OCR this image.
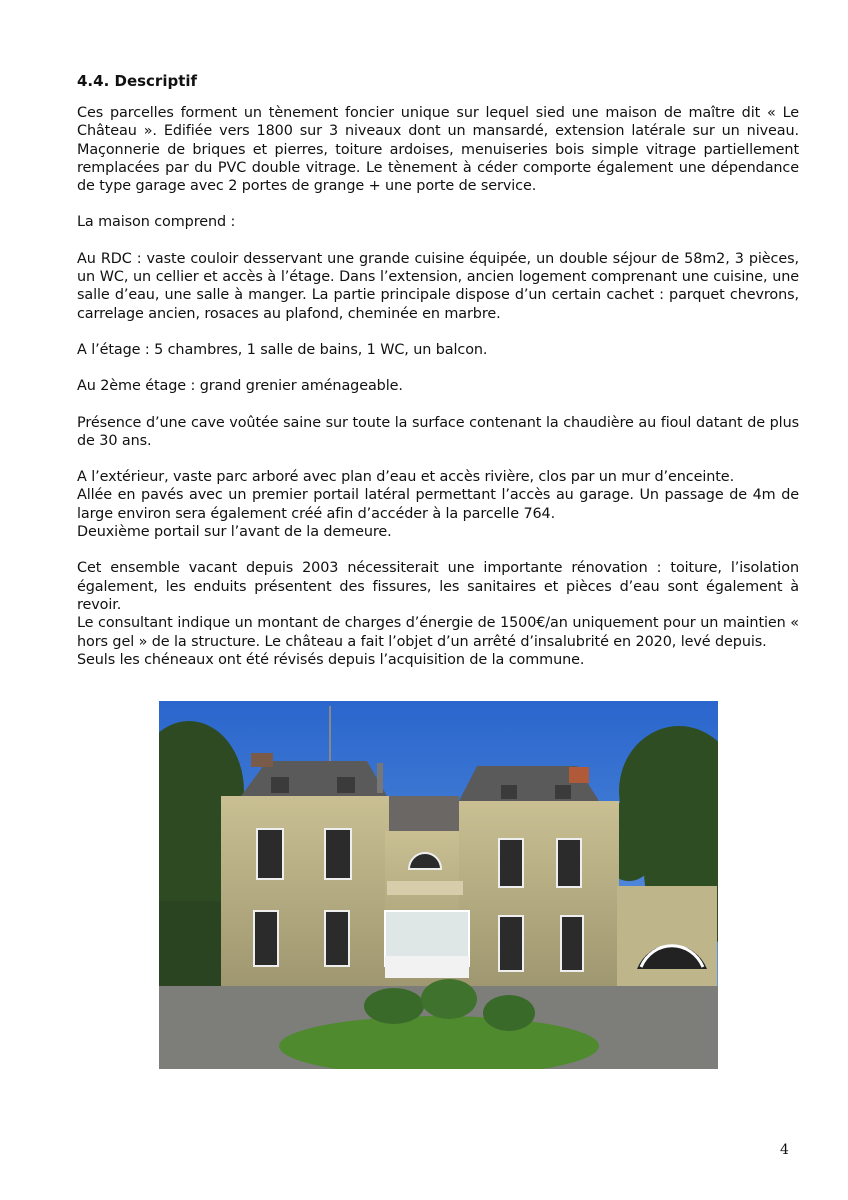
4.4. Descriptif

Ces parcelles forment un tènement foncier unique sur lequel sied une maison de maître dit « Le Château ». Edifiée vers 1800 sur 3 niveaux dont un mansardé, extension latérale sur un niveau. Maçonnerie de briques et pierres, toiture ardoises, menuiseries bois simple vitrage partiellement remplacées par du PVC double vitrage. Le tènement à céder comporte également une dépendance de type garage avec 2 portes de grange + une porte de service.

La maison comprend :

Au RDC : vaste couloir desservant une grande cuisine équipée, un double séjour de 58m2, 3 pièces, un WC, un cellier et accès à l’étage. Dans l’extension, ancien logement comprenant une cuisine, une salle d’eau, une salle à manger. La partie principale dispose d’un certain cachet : parquet chevrons, carrelage ancien, rosaces au plafond, cheminée en marbre.

A l’étage : 5 chambres, 1 salle de bains, 1 WC, un balcon.

Au 2ème étage : grand grenier aménageable.

Présence d’une cave voûtée saine sur toute la surface contenant la chaudière au fioul datant de plus de 30 ans.

A l’extérieur, vaste parc arboré avec plan d’eau et accès rivière, clos par un mur d’enceinte.

Allée en pavés avec un premier portail latéral permettant l’accès au garage. Un passage de 4m de large environ sera également créé afin d’accéder à la parcelle 764.

Deuxième portail sur l’avant de la demeure.

Cet ensemble vacant depuis 2003 nécessiterait une importante rénovation : toiture, l’isolation également, les enduits présentent des fissures, les sanitaires et pièces d’eau sont également à revoir.

Le consultant indique un montant de charges d’énergie de 1500€/an uniquement pour un maintien « hors gel » de la structure. Le château a fait l’objet d’un arrêté d’insalubrité en 2020, levé depuis.

Seuls les chéneaux ont été révisés depuis l’acquisition de la commune.

4
